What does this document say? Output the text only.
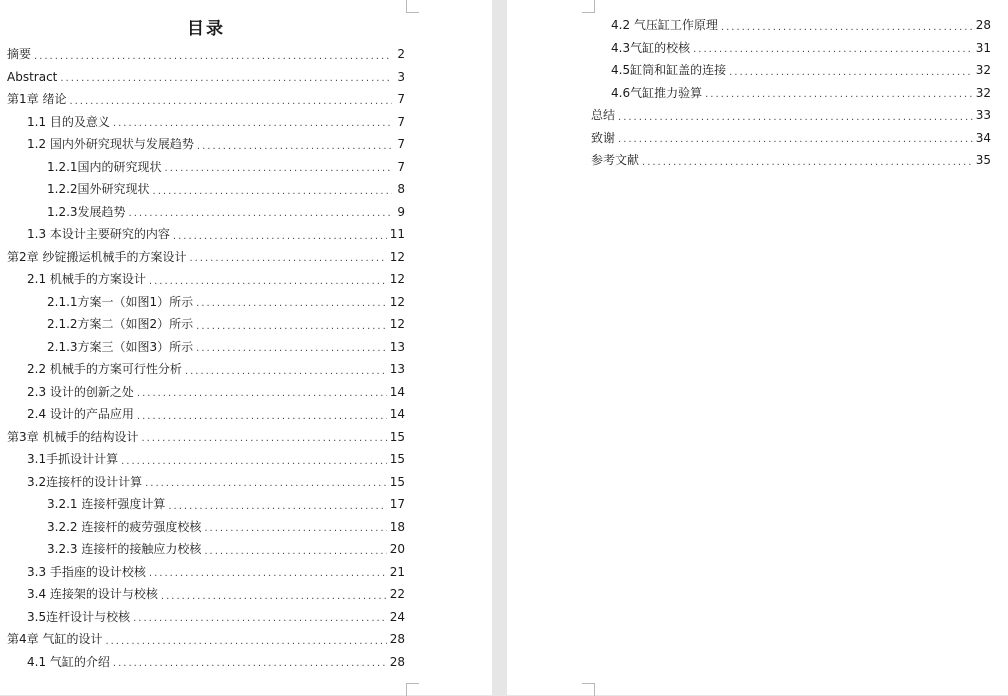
目录
摘要 .....	2
Abstract .....	3
第1章 绪论 .....	7
1.1 目的及意义 .....	7
1.2 国内外研究现状与发展趋势 .....	7
1.2.1国内的研究现状 .....	7
1.2.2国外研究现状 .....	8
1.2.3发展趋势 .....	9
1.3 本设计主要研究的内容 .....	11
第2章 纱锭搬运机械手的方案设计 .....	12
2.1 机械手的方案设计 .....	12
2.1.1方案一（如图1）所示 .....	12
2.1.2方案二（如图2）所示 .....	12
2.1.3方案三（如图3）所示 .....	13
2.2 机械手的方案可行性分析 .....	13
2.3 设计的创新之处 .....	14
2.4 设计的产品应用 .....	14
第3章 机械手的结构设计 .....	15
3.1手抓设计计算 .....	15
3.2连接杆的设计计算 .....	15
3.2.1 连接杆强度计算 .....	17
3.2.2 连接杆的疲劳强度校核 .....	18
3.2.3 连接杆的接触应力校核 .....	20
3.3 手指座的设计校核 .....	21
3.4 连接架的设计与校核 .....	22
3.5连杆设计与校核 .....	24
第4章 气缸的设计 .....	28
4.1 气缸的介绍 .....	28
4.2 气压缸工作原理 .....	28
4.3气缸的校核 .....	31
4.5缸筒和缸盖的连接 .....	32
4.6气缸推力验算 .....	32
总结 .....	33
致谢 .....	34
参考文献 .....	35
